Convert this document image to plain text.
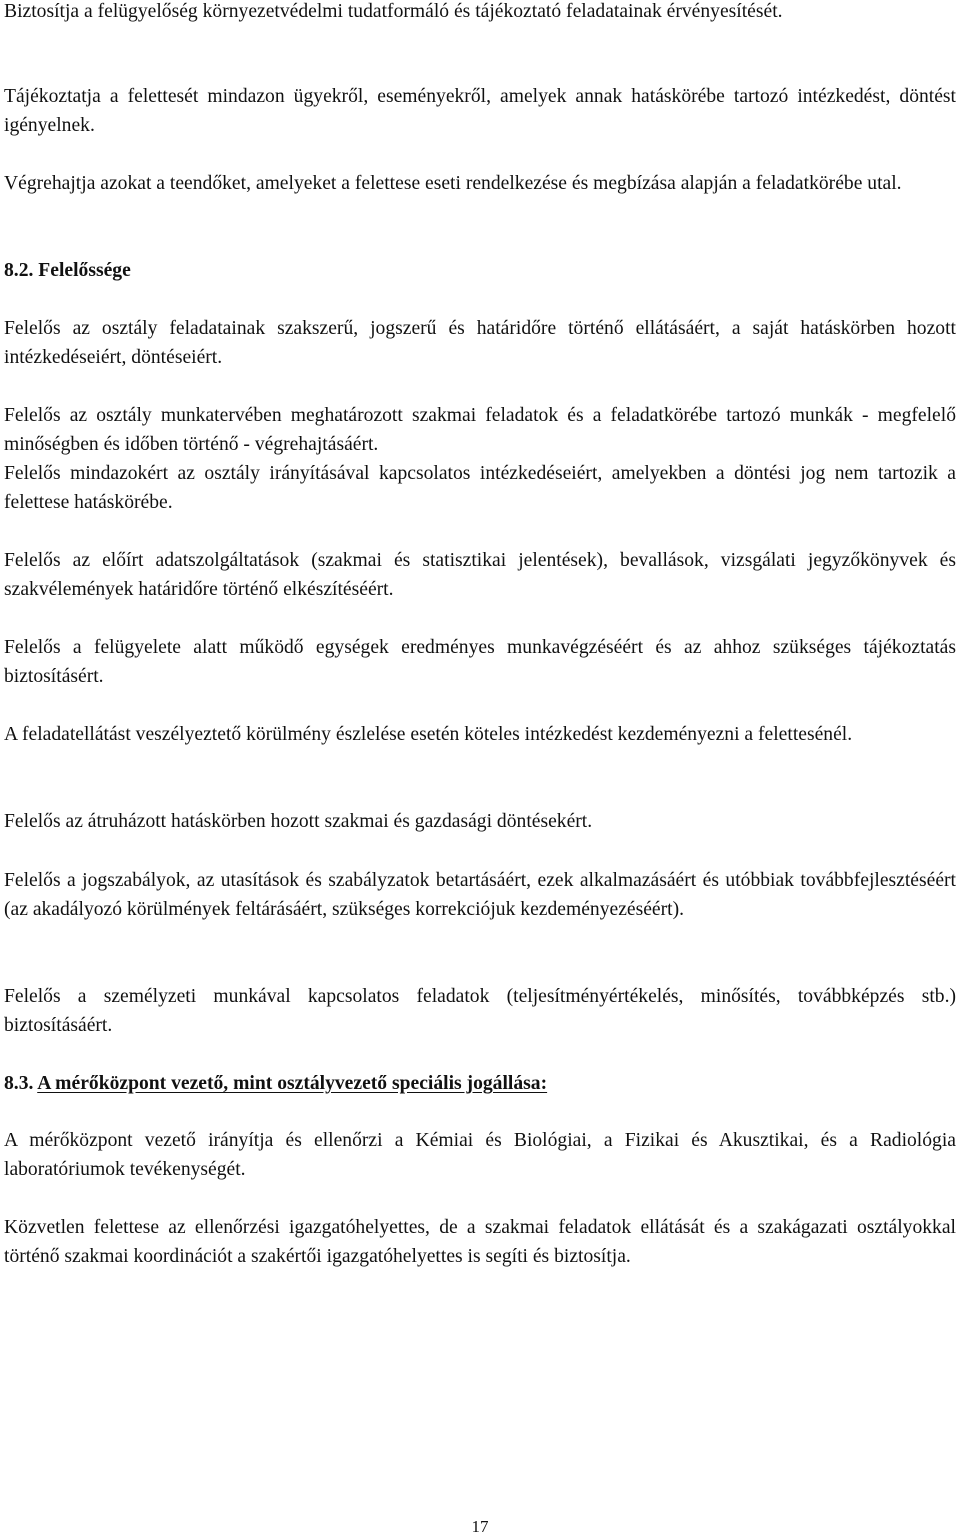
Biztosítja a felügyelőség környezetvédelmi tudatformáló és tájékoztató feladatainak érvényesítését.

Tájékoztatja a felettesét mindazon ügyekről, eseményekről, amelyek annak hatáskörébe tartozó intézkedést, döntést igényelnek.

Végrehajtja azokat a teendőket, amelyeket a felettese eseti rendelkezése és megbízása alapján a feladatkörébe utal.

8.2. Felelőssége

Felelős az osztály feladatainak szakszerű, jogszerű és határidőre történő ellátásáért, a saját hatáskörben hozott intézkedéseiért, döntéseiért.

Felelős az osztály munkatervében meghatározott szakmai feladatok és a feladatkörébe tartozó munkák - megfelelő minőségben és időben történő - végrehajtásáért.

Felelős mindazokért az osztály irányításával kapcsolatos intézkedéseiért, amelyekben a döntési jog nem tartozik a felettese hatáskörébe.

Felelős az előírt adatszolgáltatások (szakmai és statisztikai jelentések), bevallások, vizsgálati jegyzőkönyvek és szakvélemények határidőre történő elkészítéséért.

Felelős a felügyelete alatt működő egységek eredményes munkavégzéséért és az ahhoz szükséges tájékoztatás biztosításért.

A feladatellátást veszélyeztető körülmény észlelése esetén köteles intézkedést kezdeményezni a felettesénél.

Felelős az átruházott hatáskörben hozott szakmai és gazdasági döntésekért.

Felelős a jogszabályok, az utasítások és szabályzatok betartásáért, ezek alkalmazásáért és utóbbiak továbbfejlesztéséért (az akadályozó körülmények feltárásáért, szükséges korrekciójuk kezdeményezéséért).

Felelős a személyzeti munkával kapcsolatos feladatok (teljesítményértékelés, minősítés, továbbképzés stb.) biztosításáért.

8.3. A mérőközpont vezető, mint osztályvezető speciális jogállása:

A mérőközpont vezető irányítja és ellenőrzi a Kémiai és Biológiai, a Fizikai és Akusztikai, és a Radiológia laboratóriumok tevékenységét.

Közvetlen felettese az ellenőrzési igazgatóhelyettes, de a szakmai feladatok ellátását és a szakágazati osztályokkal történő szakmai koordinációt a szakértői igazgatóhelyettes is segíti és biztosítja.

17
